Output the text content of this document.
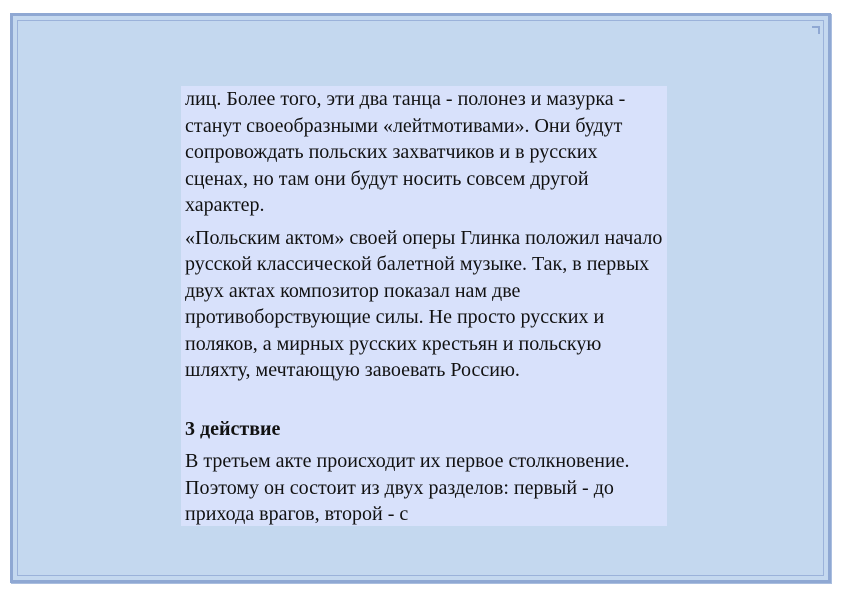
лиц. Более того, эти два танца - полонез и мазурка - станут своеобразными «лейтмотивами». Они будут сопровождать польских захватчиков и в русских сценах, но там они будут носить совсем другой характер.

«Польским актом» своей оперы Глинка положил начало русской классической балетной музыке. Так, в первых двух актах композитор показал нам две противоборствующие силы. Не просто русских и поляков, а мирных русских крестьян и польскую шляхту, мечтающую завоевать Россию.

3 действие

В третьем акте происходит их первое столкновение. Поэтому он состоит из двух разделов: первый - до прихода врагов, второй - с
